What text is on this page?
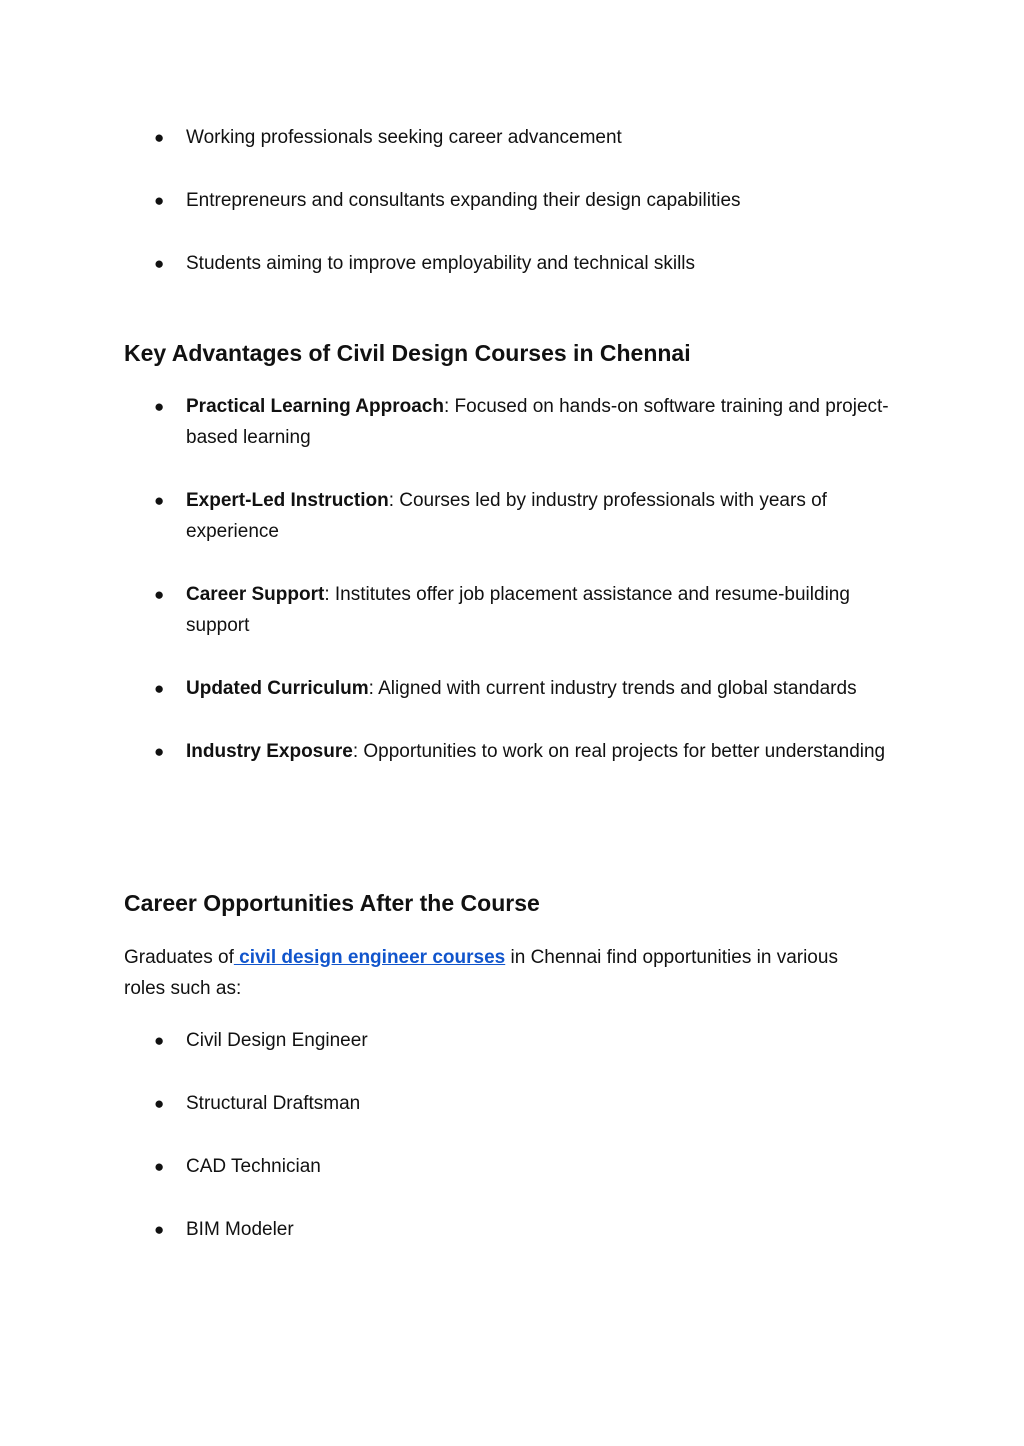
● Working professionals seeking career advancement
● Entrepreneurs and consultants expanding their design capabilities
● Students aiming to improve employability and technical skills
Key Advantages of Civil Design Courses in Chennai
● Practical Learning Approach: Focused on hands-on software training and project-based learning
● Expert-Led Instruction: Courses led by industry professionals with years of experience
● Career Support: Institutes offer job placement assistance and resume-building support
● Updated Curriculum: Aligned with current industry trends and global standards
● Industry Exposure: Opportunities to work on real projects for better understanding
Career Opportunities After the Course

Graduates of civil design engineer courses in Chennai find opportunities in various roles such as:

● Civil Design Engineer
● Structural Draftsman
● CAD Technician
● BIM Modeler
